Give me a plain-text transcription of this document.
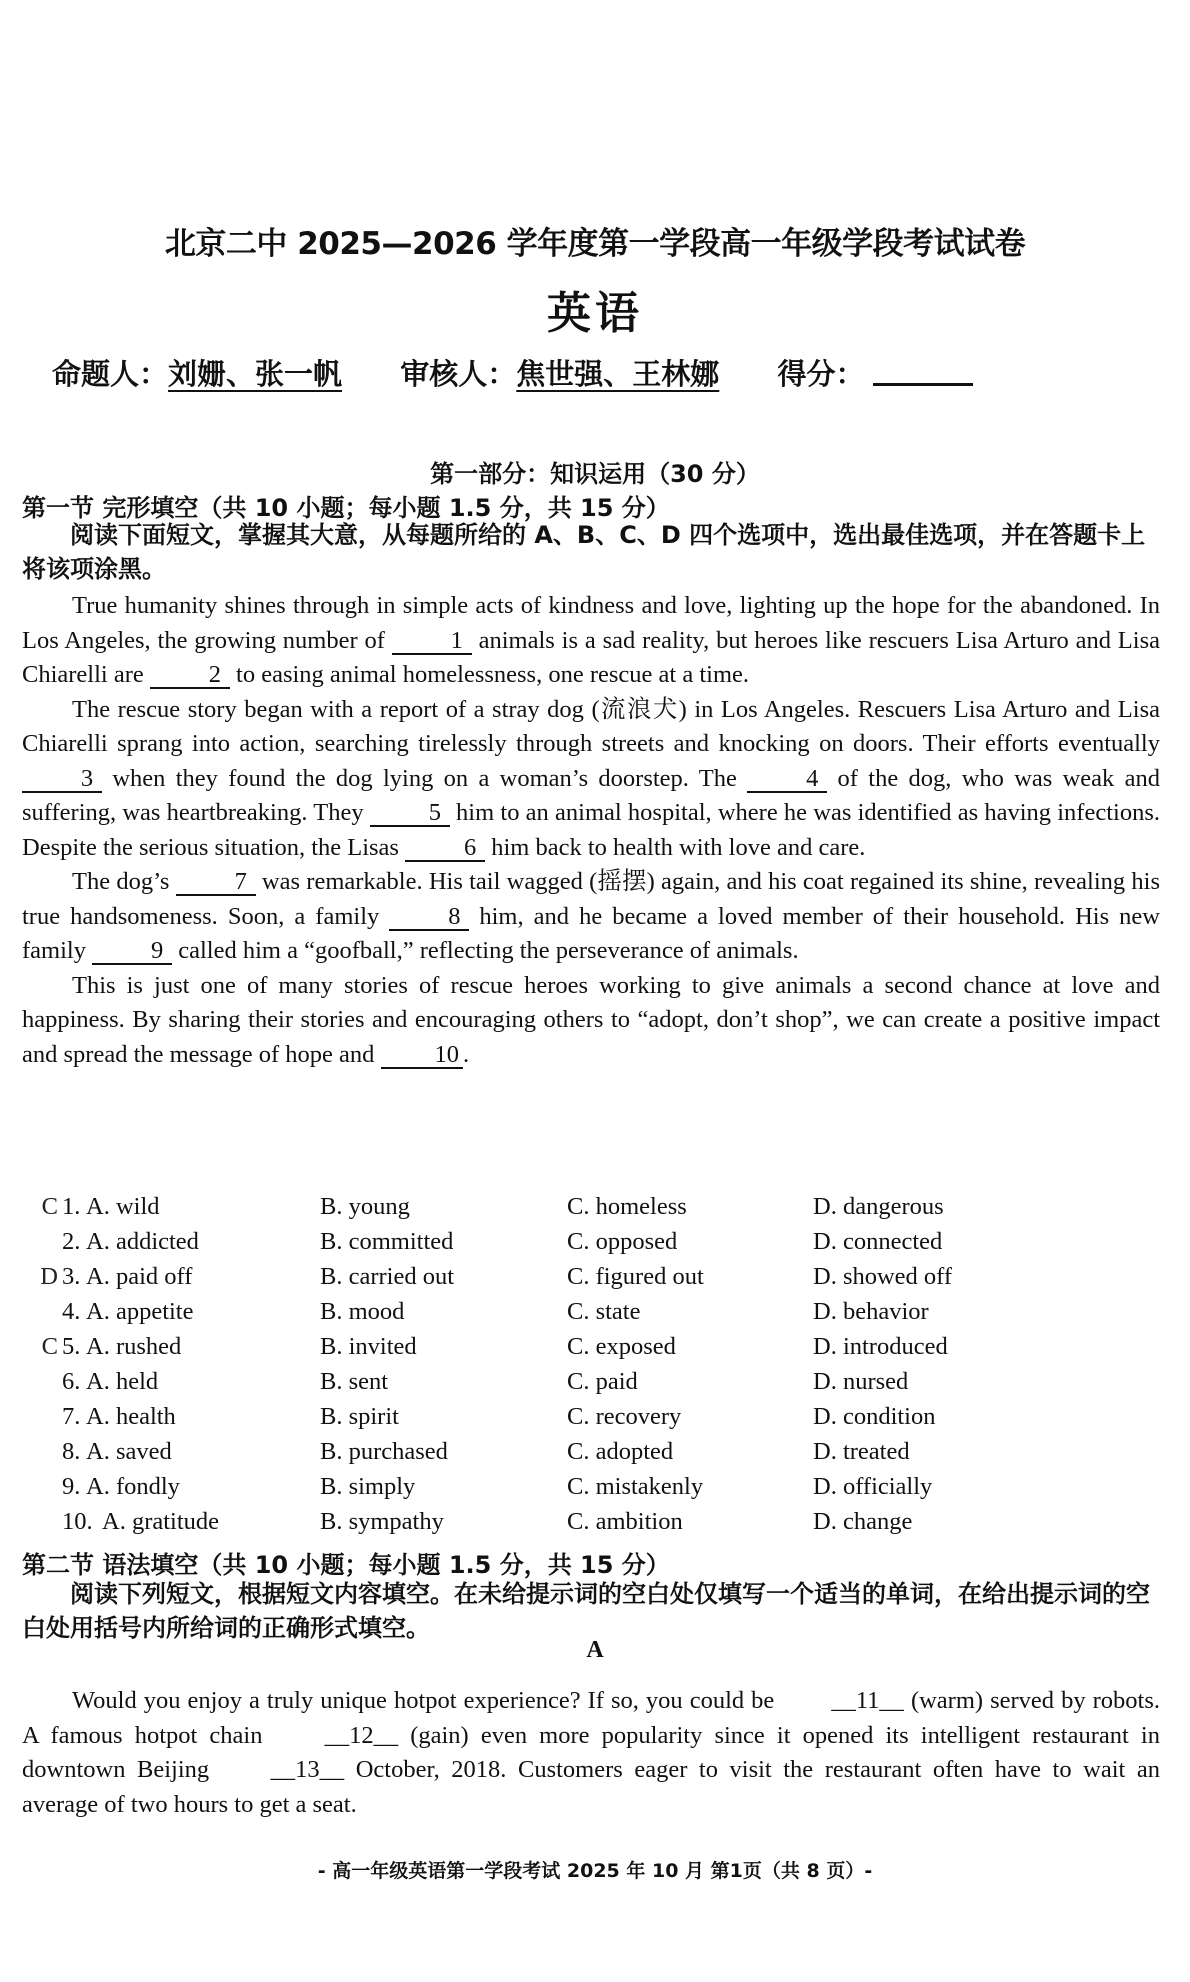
北京二中 2025—2026 学年度第一学段高一年级学段考试试卷
英语
命题人：刘姗、张一帆 审核人：焦世强、王林娜 得分：
第一部分：知识运用（30 分）
第一节 完形填空（共 10 小题；每小题 1.5 分，共 15 分）
阅读下面短文，掌握其大意，从每题所给的 A、B、C、D 四个选项中，选出最佳选项，并在答题卡上将该项涂黑。

True humanity shines through in simple acts of kindness and love, lighting up the hope for the abandoned. In Los Angeles, the growing number of 1 animals is a sad reality, but heroes like rescuers Lisa Arturo and Lisa Chiarelli are 2 to easing animal homelessness, one rescue at a time.

The rescue story began with a report of a stray dog (流浪犬) in Los Angeles. Rescuers Lisa Arturo and Lisa Chiarelli sprang into action, searching tirelessly through streets and knocking on doors. Their efforts eventually 3 when they found the dog lying on a woman’s doorstep. The 4 of the dog, who was weak and suffering, was heartbreaking. They 5 him to an animal hospital, where he was identified as having infections. Despite the serious situation, the Lisas 6 him back to health with love and care.

The dog’s 7 was remarkable. His tail wagged (摇摆) again, and his coat regained its shine, revealing his true handsomeness. Soon, a family 8 him, and he became a loved member of their household. His new family 9 called him a “goofball,” reflecting the perseverance of animals.

This is just one of many stories of rescue heroes working to give animals a second chance at love and happiness. By sharing their stories and encouraging others to “adopt, don’t shop”, we can create a positive impact and spread the message of hope and 10 .

C 1. A. wild	B. young	C. homeless	D. dangerous
2. A. addicted	B. committed	C. opposed	D. connected
D 3. A. paid off	B. carried out	C. figured out	D. showed off
4. A. appetite	B. mood	C. state	D. behavior
C 5. A. rushed	B. invited	C. exposed	D. introduced
6. A. held	B. sent	C. paid	D. nursed
7. A. health	B. spirit	C. recovery	D. condition
8. A. saved	B. purchased	C. adopted	D. treated
9. A. fondly	B. simply	C. mistakenly	D. officially
10. A. gratitude	B. sympathy	C. ambition	D. change
第二节 语法填空（共 10 小题；每小题 1.5 分，共 15 分）
阅读下列短文，根据短文内容填空。在未给提示词的空白处仅填写一个适当的单词，在给出提示词的空白处用括号内所给词的正确形式填空。
A

Would you enjoy a truly unique hotpot experience? If so, you could be __11__ (warm) served by robots. A famous hotpot chain __12__ (gain) even more popularity since it opened its intelligent restaurant in downtown Beijing __13__ October, 2018. Customers eager to visit the restaurant often have to wait an average of two hours to get a seat.

- 高一年级英语第一学段考试 2025 年 10 月 第1页（共 8 页）-
